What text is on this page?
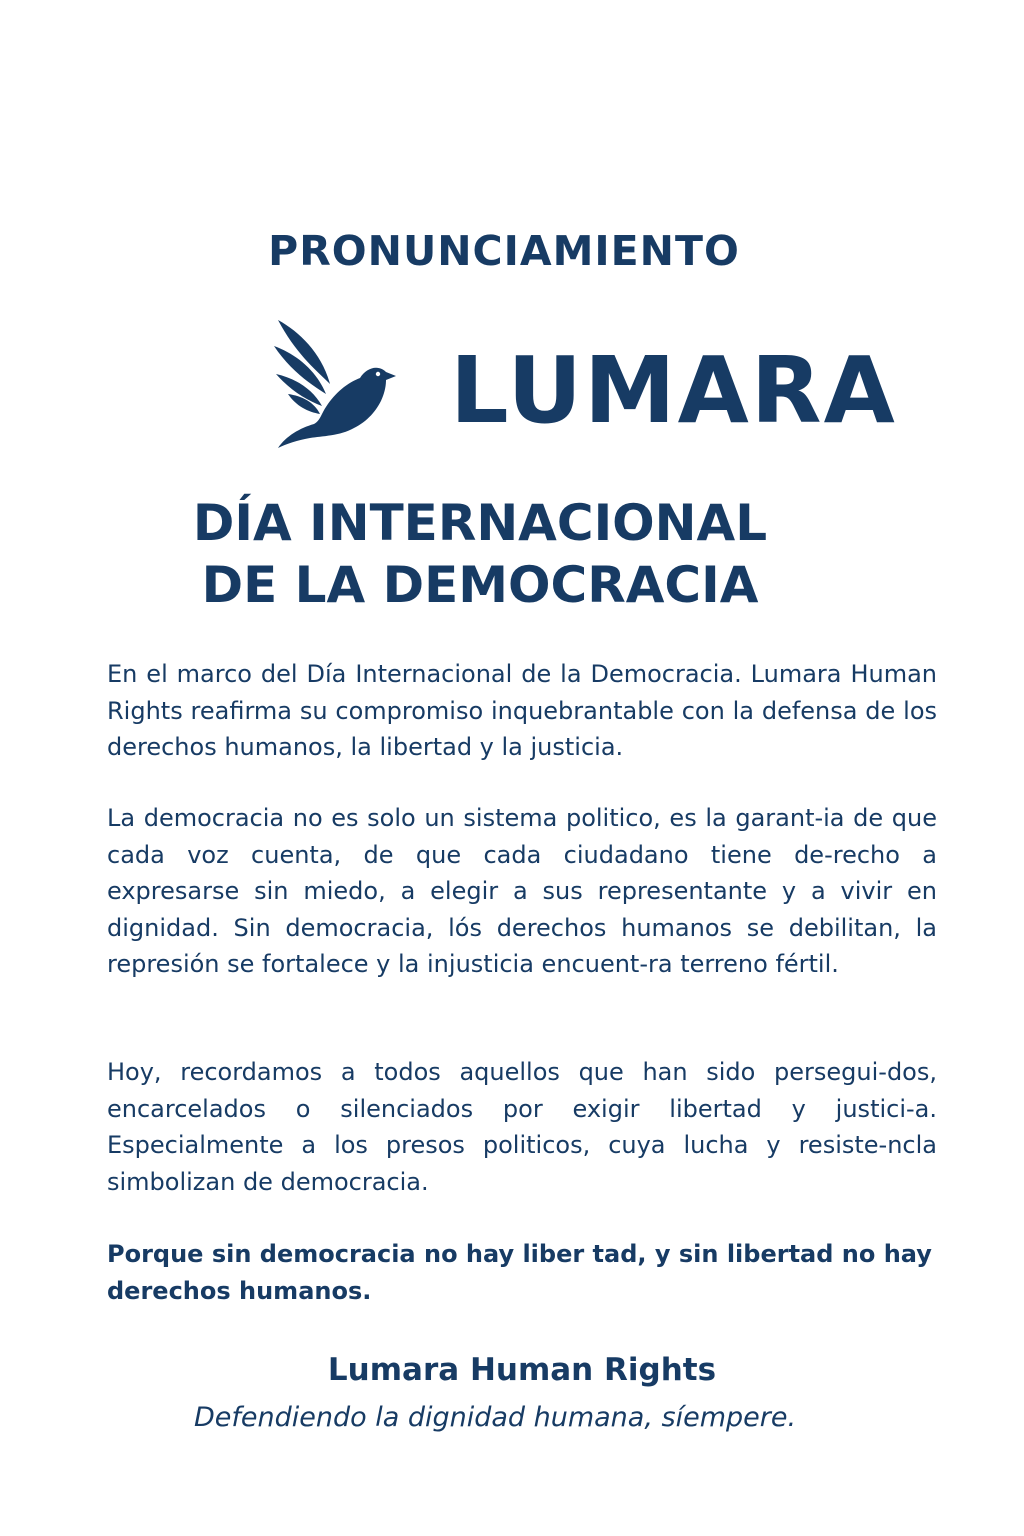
PRONUNCIAMIENTO
LUMARA
DÍA INTERNACIONAL
DE LA DEMOCRACIA

En el marco del Día Internacional de la Democracia. Lumara Human Rights reafirma su compromiso inquebrantable con la defensa de los derechos humanos, la libertad y la justicia.

La democracia no es solo un sistema politico, es la garant-ia de que cada voz cuenta, de que cada ciudadano tiene de-recho a expresarse sin miedo, a elegir a sus representante y a vivir en dignidad. Sin democracia, lós derechos humanos se debilitan, la represión se fortalece y la injusticia encuent-ra terreno fértil.

Hoy, recordamos a todos aquellos que han sido persegui-dos, encarcelados o silenciados por exigir libertad y justici-a. Especialmente a los presos politicos, cuya lucha y resiste-ncla simbolizan de democracia.

Porque sin democracia no hay liber tad, y sin libertad no hay derechos humanos.

Lumara Human Rights
Defendiendo la dignidad humana, síempere.
